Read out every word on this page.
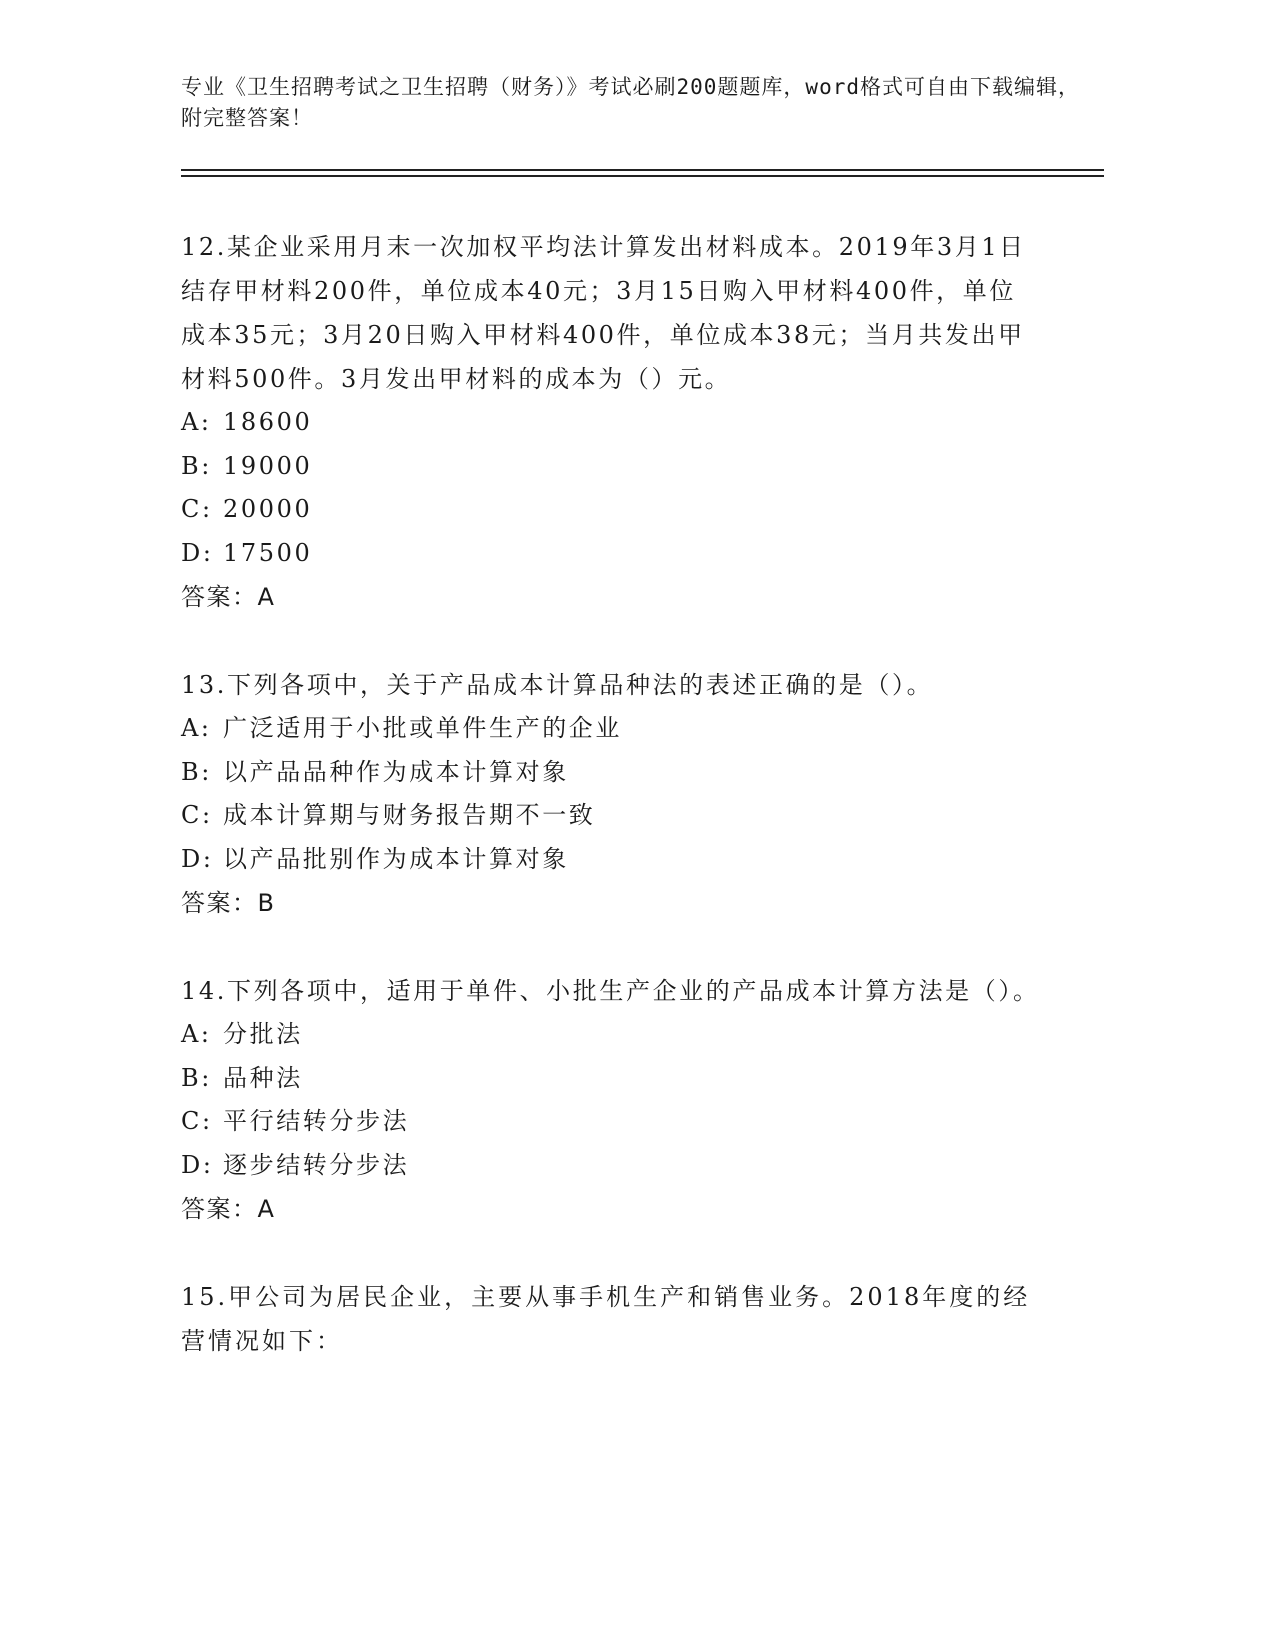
专业《卫生招聘考试之卫生招聘（财务）》考试必刷200题题库，word格式可自由下载编辑，附完整答案！
12.某企业采用月末一次加权平均法计算发出材料成本。2019年3月1日结存甲材料200件，单位成本40元；3月15日购入甲材料400件，单位成本35元；3月20日购入甲材料400件，单位成本38元；当月共发出甲材料500件。3月发出甲材料的成本为（）元。
A: 18600
B: 19000
C: 20000
D: 17500
答案：A
13.下列各项中，关于产品成本计算品种法的表述正确的是（）。
A: 广泛适用于小批或单件生产的企业
B: 以产品品种作为成本计算对象
C: 成本计算期与财务报告期不一致
D: 以产品批别作为成本计算对象
答案：B
14.下列各项中，适用于单件、小批生产企业的产品成本计算方法是（）。
A: 分批法
B: 品种法
C: 平行结转分步法
D: 逐步结转分步法
答案：A
15.甲公司为居民企业，主要从事手机生产和销售业务。2018年度的经营情况如下：
